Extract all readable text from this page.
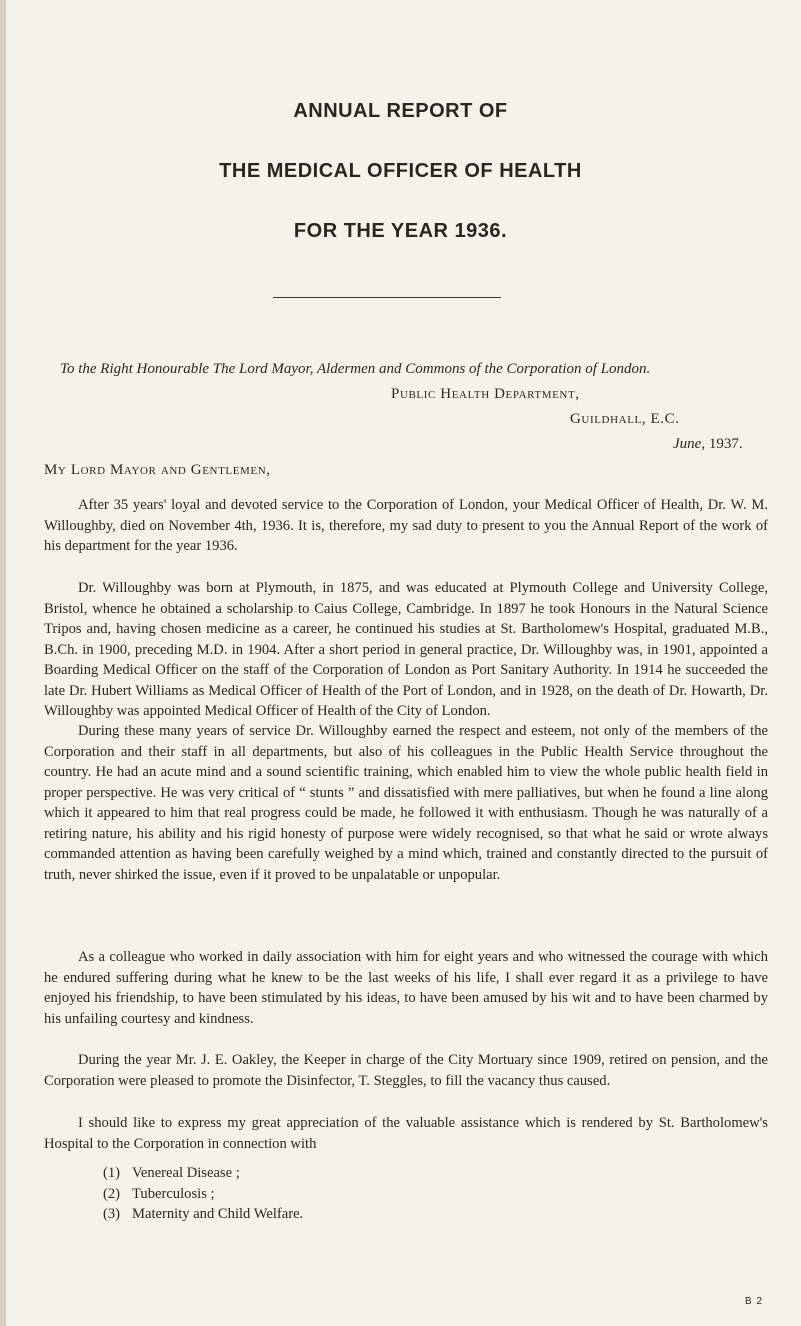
ANNUAL REPORT OF
THE MEDICAL OFFICER OF HEALTH
FOR THE YEAR 1936.
To the Right Honourable The Lord Mayor, Aldermen and Commons of the Corporation of London.
Public Health Department,
Guildhall, E.C.
June, 1937.
My Lord Mayor and Gentlemen,

After 35 years' loyal and devoted service to the Corporation of London, your Medical Officer of Health, Dr. W. M. Willoughby, died on November 4th, 1936. It is, therefore, my sad duty to present to you the Annual Report of the work of his department for the year 1936.

Dr. Willoughby was born at Plymouth, in 1875, and was educated at Plymouth College and University College, Bristol, whence he obtained a scholarship to Caius College, Cambridge. In 1897 he took Honours in the Natural Science Tripos and, having chosen medicine as a career, he continued his studies at St. Bartholomew's Hospital, graduated M.B., B.Ch. in 1900, preceding M.D. in 1904. After a short period in general practice, Dr. Willoughby was, in 1901, appointed a Boarding Medical Officer on the staff of the Corporation of London as Port Sanitary Authority. In 1914 he succeeded the late Dr. Hubert Williams as Medical Officer of Health of the Port of London, and in 1928, on the death of Dr. Howarth, Dr. Willoughby was appointed Medical Officer of Health of the City of London.

During these many years of service Dr. Willoughby earned the respect and esteem, not only of the members of the Corporation and their staff in all departments, but also of his colleagues in the Public Health Service throughout the country. He had an acute mind and a sound scientific training, which enabled him to view the whole public health field in proper perspective. He was very critical of “ stunts ” and dissatisfied with mere palliatives, but when he found a line along which it appeared to him that real progress could be made, he followed it with enthusiasm. Though he was naturally of a retiring nature, his ability and his rigid honesty of purpose were widely recognised, so that what he said or wrote always commanded attention as having been carefully weighed by a mind which, trained and constantly directed to the pursuit of truth, never shirked the issue, even if it proved to be unpalatable or unpopular.

As a colleague who worked in daily association with him for eight years and who witnessed the courage with which he endured suffering during what he knew to be the last weeks of his life, I shall ever regard it as a privilege to have enjoyed his friendship, to have been stimulated by his ideas, to have been amused by his wit and to have been charmed by his unfailing courtesy and kindness.

During the year Mr. J. E. Oakley, the Keeper in charge of the City Mortuary since 1909, retired on pension, and the Corporation were pleased to promote the Disinfector, T. Steggles, to fill the vacancy thus caused.

I should like to express my great appreciation of the valuable assistance which is rendered by St. Bartholomew's Hospital to the Corporation in connection with

(1) Venereal Disease ;
(2) Tuberculosis ;
(3) Maternity and Child Welfare.
B 2
